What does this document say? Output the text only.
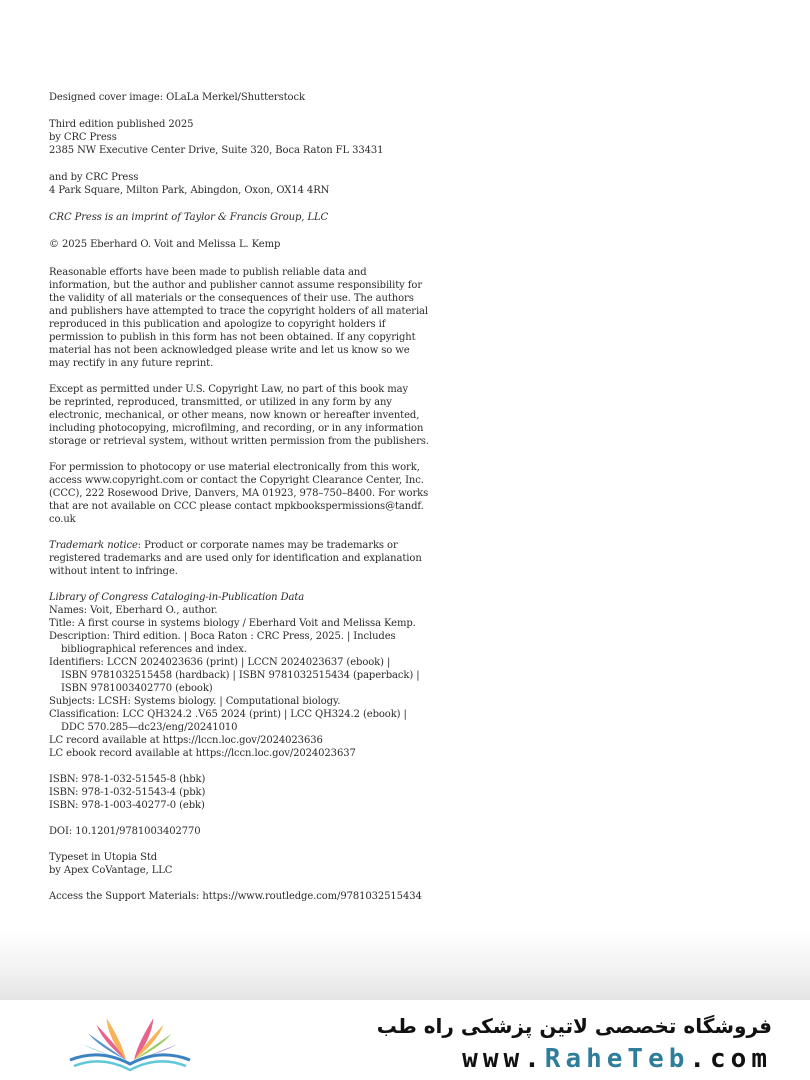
Designed cover image: OLaLa Merkel/Shutterstock

Third edition published 2025
by CRC Press
2385 NW Executive Center Drive, Suite 320, Boca Raton FL 33431
and by CRC Press
4 Park Square, Milton Park, Abingdon, Oxon, OX14 4RN

CRC Press is an imprint of Taylor & Francis Group, LLC

© 2025 Eberhard O. Voit and Melissa L. Kemp

Reasonable efforts have been made to publish reliable data and
information, but the author and publisher cannot assume responsibility for
the validity of all materials or the consequences of their use. The authors
and publishers have attempted to trace the copyright holders of all material
reproduced in this publication and apologize to copyright holders if
permission to publish in this form has not been obtained. If any copyright
material has not been acknowledged please write and let us know so we
may rectify in any future reprint.
Except as permitted under U.S. Copyright Law, no part of this book may
be reprinted, reproduced, transmitted, or utilized in any form by any
electronic, mechanical, or other means, now known or hereafter invented,
including photocopying, microfilming, and recording, or in any information
storage or retrieval system, without written permission from the publishers.
For permission to photocopy or use material electronically from this work,
access www.copyright.com or contact the Copyright Clearance Center, Inc.
(CCC), 222 Rosewood Drive, Danvers, MA 01923, 978–750–8400. For works
that are not available on CCC please contact mpkbookspermissions@tandf.
co.uk
Trademark notice: Product or corporate names may be trademarks or
registered trademarks and are used only for identification and explanation
without intent to infringe.
Library of Congress Cataloging-in-Publication Data
Names: Voit, Eberhard O., author.
Title: A first course in systems biology / Eberhard Voit and Melissa Kemp.
Description: Third edition. | Boca Raton : CRC Press, 2025. | Includes
bibliographical references and index.
Identifiers: LCCN 2024023636 (print) | LCCN 2024023637 (ebook) |
ISBN 9781032515458 (hardback) | ISBN 9781032515434 (paperback) |
ISBN 9781003402770 (ebook)
Subjects: LCSH: Systems biology. | Computational biology.
Classification: LCC QH324.2 .V65 2024 (print) | LCC QH324.2 (ebook) |
DDC 570.285—dc23/eng/20241010
LC record available at https://lccn.loc.gov/2024023636
LC ebook record available at https://lccn.loc.gov/2024023637
ISBN: 978-1-032-51545-8 (hbk)
ISBN: 978-1-032-51543-4 (pbk)
ISBN: 978-1-003-40277-0 (ebk)

DOI: 10.1201/9781003402770

Typeset in Utopia Std
by Apex CoVantage, LLC

Access the Support Materials: https://www.routledge.com/9781032515434

فروشگاه تخصصی لاتین پزشکی راه طب
www.RaheTeb.com
